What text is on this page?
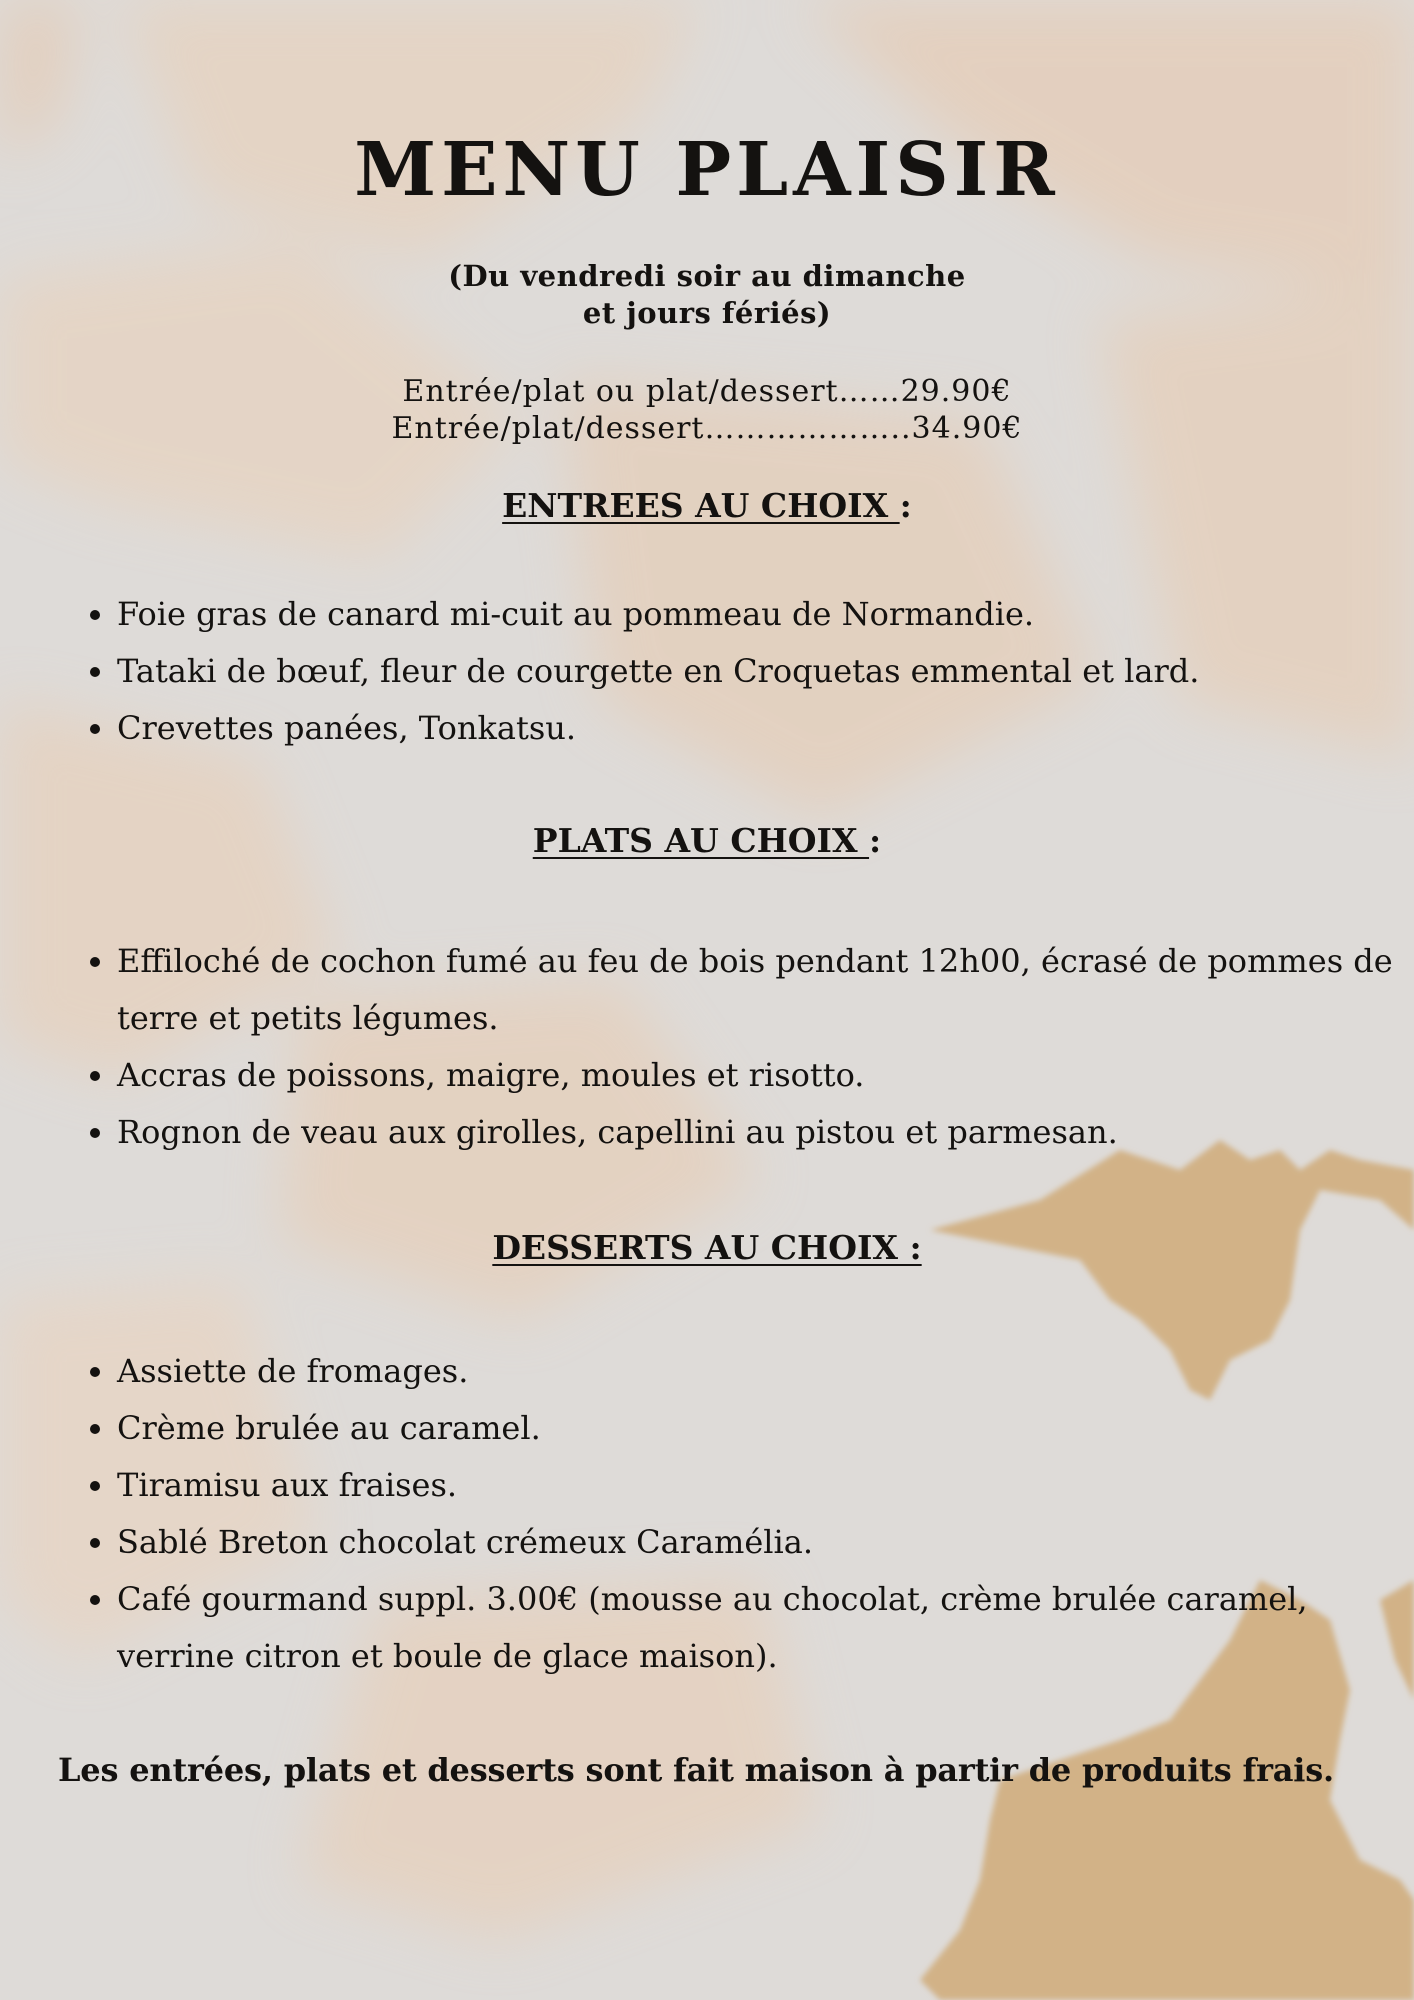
MENU PLAISIR
(Du vendredi soir au dimanche
et jours fériés)
Entrée/plat ou plat/dessert……29.90€
Entrée/plat/dessert………………..34.90€
ENTREES AU CHOIX :
• Foie gras de canard mi-cuit au pommeau de Normandie.
• Tataki de bœuf, fleur de courgette en Croquetas emmental et lard.
• Crevettes panées, Tonkatsu.
PLATS AU CHOIX :
• Effiloché de cochon fumé au feu de bois pendant 12h00, écrasé de pommes de terre et petits légumes.
• Accras de poissons, maigre, moules et risotto.
• Rognon de veau aux girolles, capellini au pistou et parmesan.
DESSERTS AU CHOIX :
• Assiette de fromages.
• Crème brulée au caramel.
• Tiramisu aux fraises.
• Sablé Breton chocolat crémeux Caramélia.
• Café gourmand suppl. 3.00€ (mousse au chocolat, crème brulée caramel, verrine citron et boule de glace maison).
Les entrées, plats et desserts sont fait maison à partir de produits frais.
